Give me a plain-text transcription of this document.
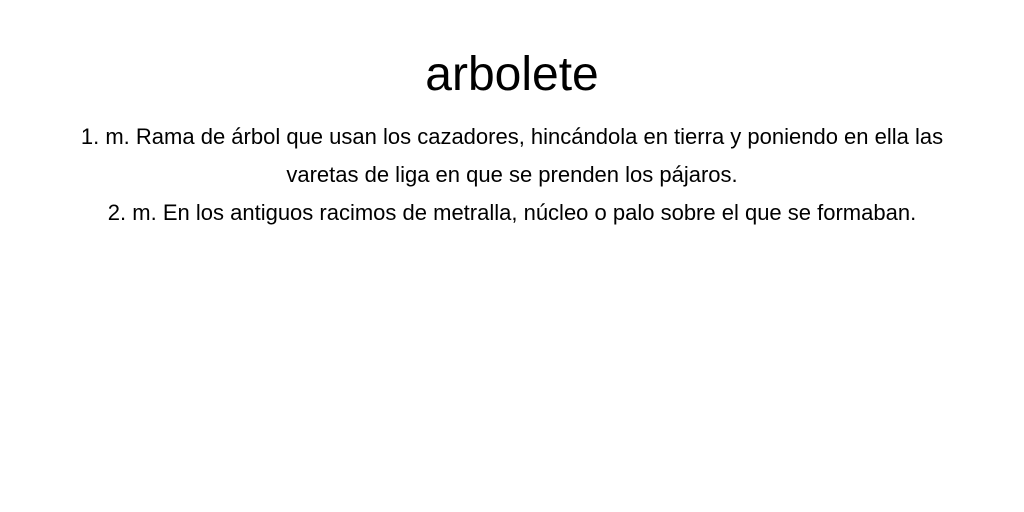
arbolete

1. m. Rama de árbol que usan los cazadores, hincándola en tierra y poniendo en ella las varetas de liga en que se prenden los pájaros.

2. m. En los antiguos racimos de metralla, núcleo o palo sobre el que se formaban.
